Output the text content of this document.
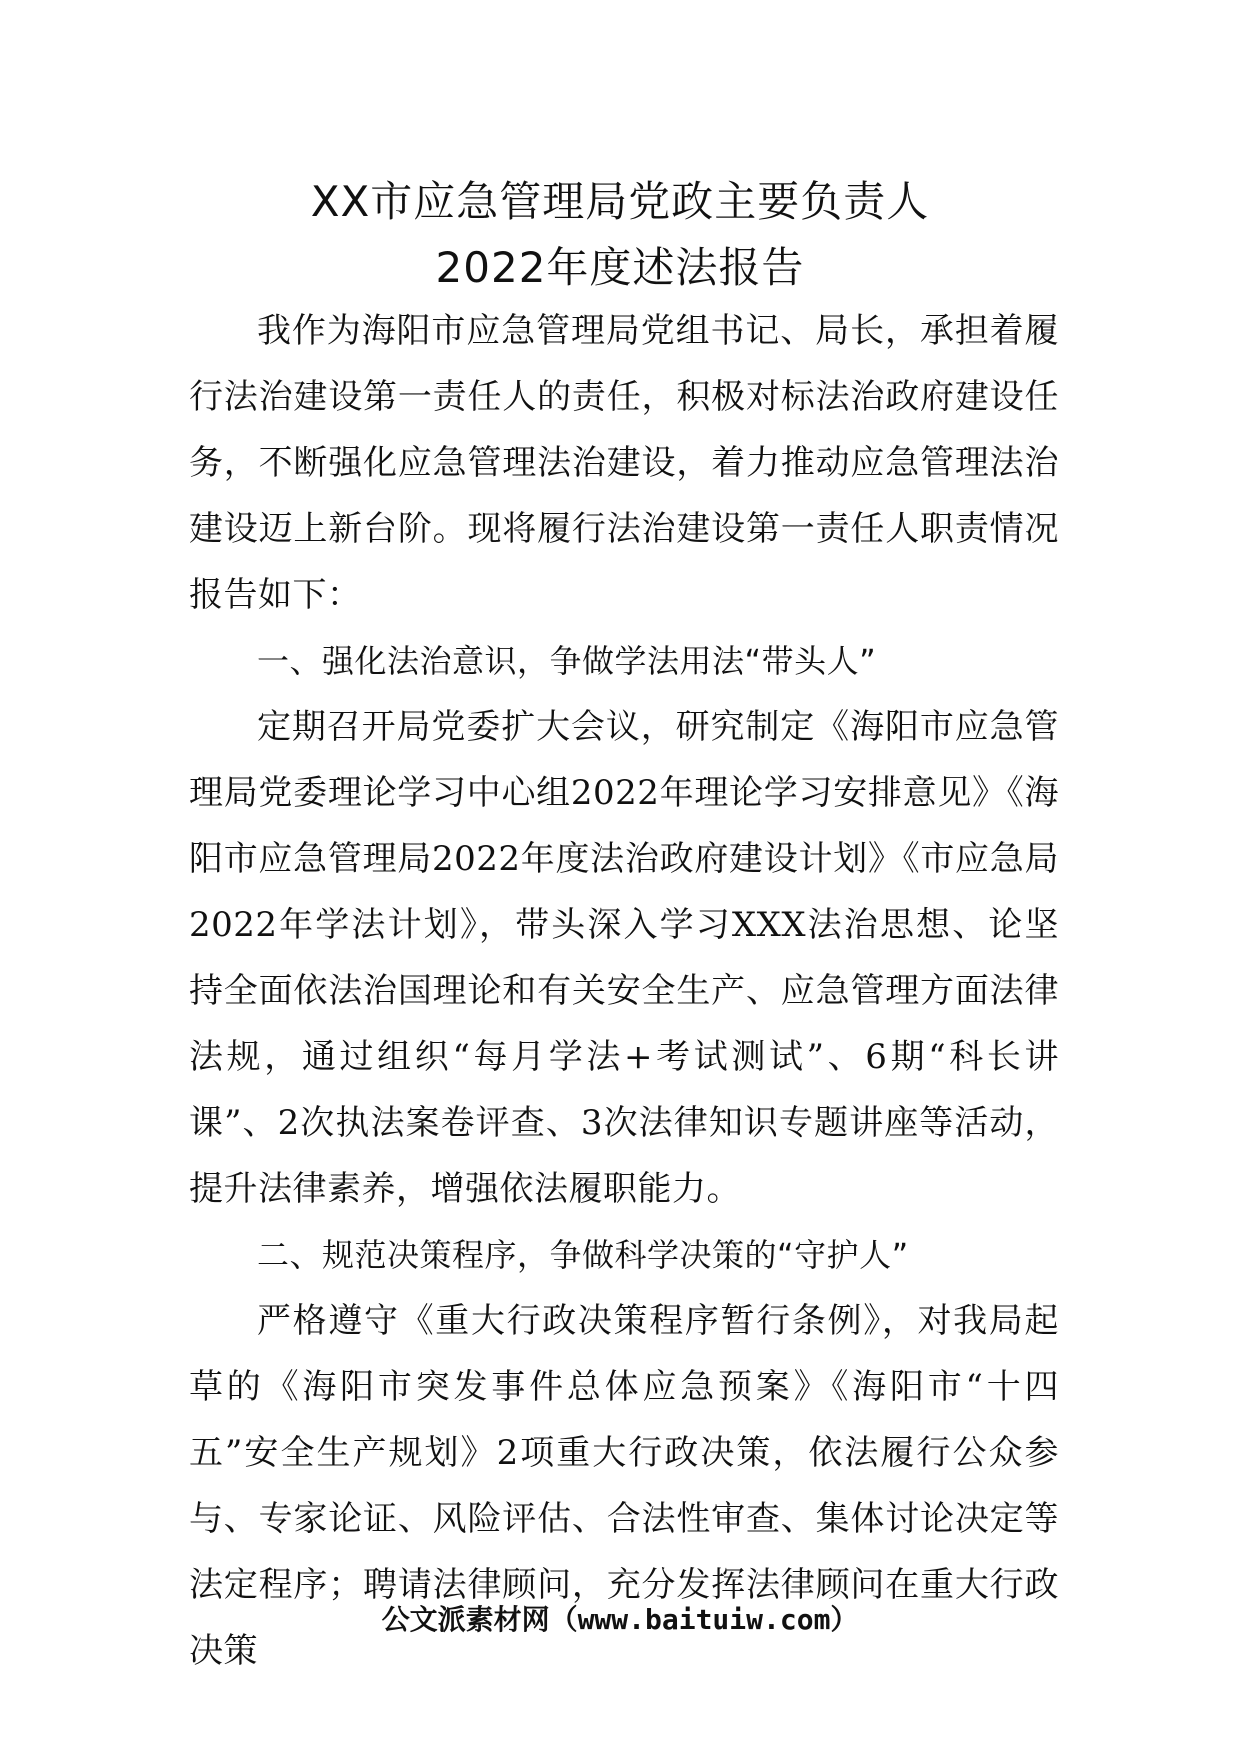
XX市应急管理局党政主要负责人
2022年度述法报告

我作为海阳市应急管理局党组书记、局长，承担着履行法治建设第一责任人的责任，积极对标法治政府建设任务，不断强化应急管理法治建设，着力推动应急管理法治建设迈上新台阶。现将履行法治建设第一责任人职责情况报告如下：

一、强化法治意识，争做学法用法“带头人”

定期召开局党委扩大会议，研究制定《海阳市应急管理局党委理论学习中心组2022年理论学习安排意见》《海阳市应急管理局2022年度法治政府建设计划》《市应急局2022年学法计划》，带头深入学习XXX法治思想、论坚持全面依法治国理论和有关安全生产、应急管理方面法律法规，通过组织“每月学法+考试测试”、6期“科长讲课”、2次执法案卷评查、3次法律知识专题讲座等活动，提升法律素养，增强依法履职能力。

二、规范决策程序，争做科学决策的“守护人”

严格遵守《重大行政决策程序暂行条例》，对我局起草的《海阳市突发事件总体应急预案》《海阳市“十四五”安全生产规划》2项重大行政决策，依法履行公众参与、专家论证、风险评估、合法性审查、集体讨论决定等法定程序；聘请法律顾问，充分发挥法律顾问在重大行政决策

公文派素材网（www.baituiw.com）
